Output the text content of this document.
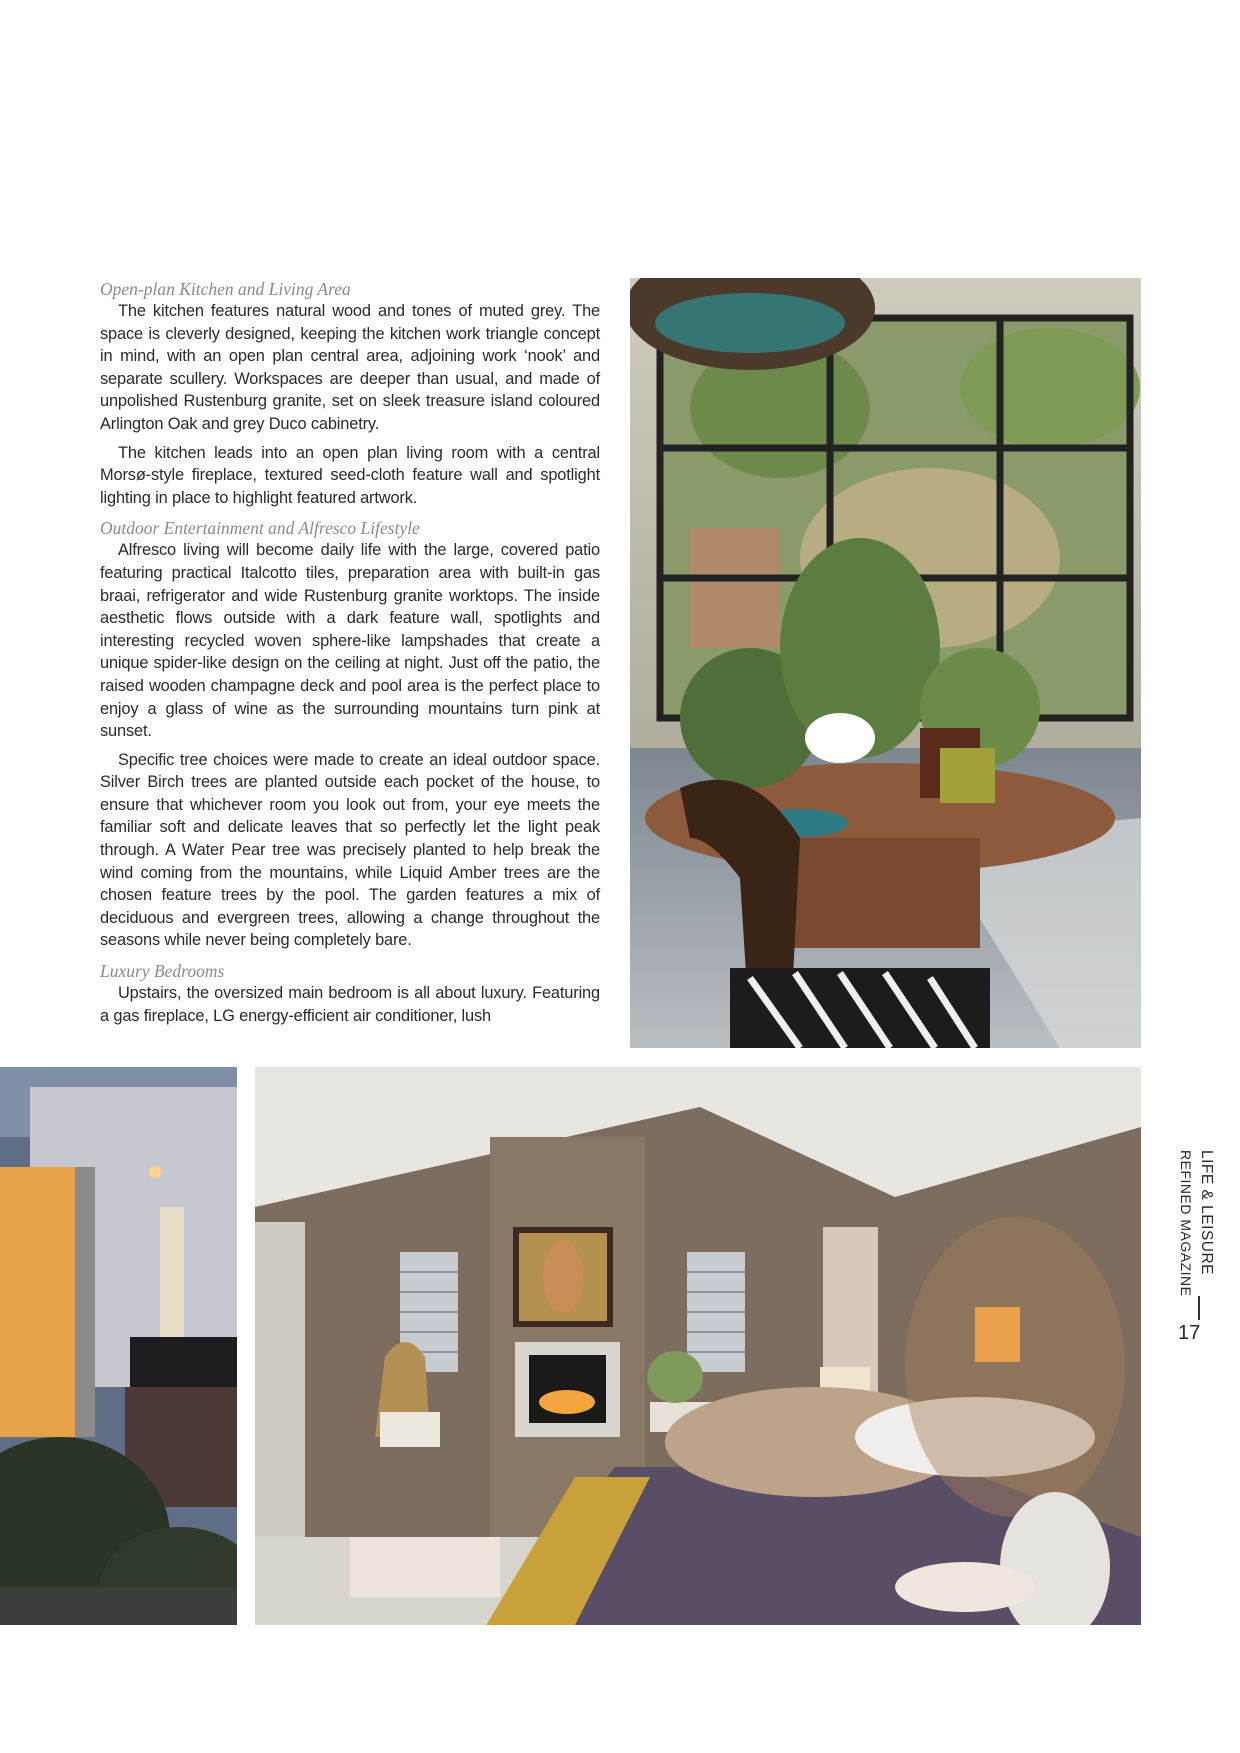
Open-plan Kitchen and Living Area

The kitchen features natural wood and tones of muted grey. The space is cleverly designed, keeping the kitchen work triangle concept in mind, with an open plan central area, adjoining work ‘nook’ and separate scullery. Workspaces are deeper than usual, and made of unpolished Rustenburg granite, set on sleek treasure island coloured Arlington Oak and grey Duco cabinetry.

The kitchen leads into an open plan living room with a central Morsø-style fireplace, textured seed-cloth feature wall and spotlight lighting in place to highlight featured artwork.

Outdoor Entertainment and Alfresco Lifestyle

Alfresco living will become daily life with the large, covered patio featuring practical Italcotto tiles, preparation area with built-in gas braai, refrigerator and wide Rustenburg granite worktops. The inside aesthetic flows outside with a dark feature wall, spotlights and interesting recycled woven sphere-like lampshades that create a unique spider-like design on the ceiling at night. Just off the patio, the raised wooden champagne deck and pool area is the perfect place to enjoy a glass of wine as the surrounding mountains turn pink at sunset.

Specific tree choices were made to create an ideal outdoor space. Silver Birch trees are planted outside each pocket of the house, to ensure that whichever room you look out from, your eye meets the familiar soft and delicate leaves that so perfectly let the light peak through. A Water Pear tree was precisely planted to help break the wind coming from the mountains, while Liquid Amber trees are the chosen feature trees by the pool. The garden features a mix of deciduous and evergreen trees, allowing a change throughout the seasons while never being completely bare.

Luxury Bedrooms

Upstairs, the oversized main bedroom is all about luxury. Featuring a gas fireplace, LG energy-efficient air conditioner, lush

LIFE & LEISURE
REFINED MAGAZINE
17
